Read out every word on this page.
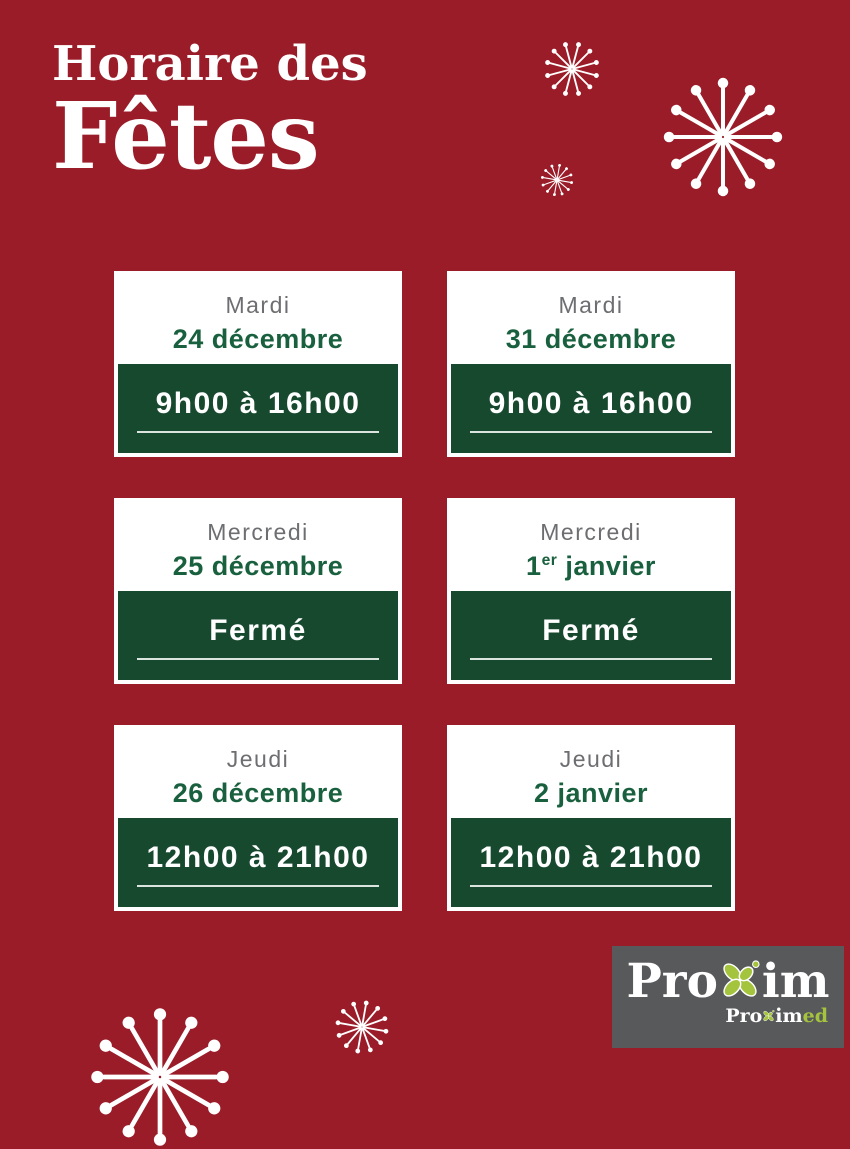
Horaire des
Fêtes
Mardi
24 décembre
9h00 à 16h00
Mardi
31 décembre
9h00 à 16h00
Mercredi
25 décembre
Fermé
Mercredi
1er janvier
Fermé
Jeudi
26 décembre
12h00 à 21h00
Jeudi
2 janvier
12h00 à 21h00
Pro im
Pro im ed
